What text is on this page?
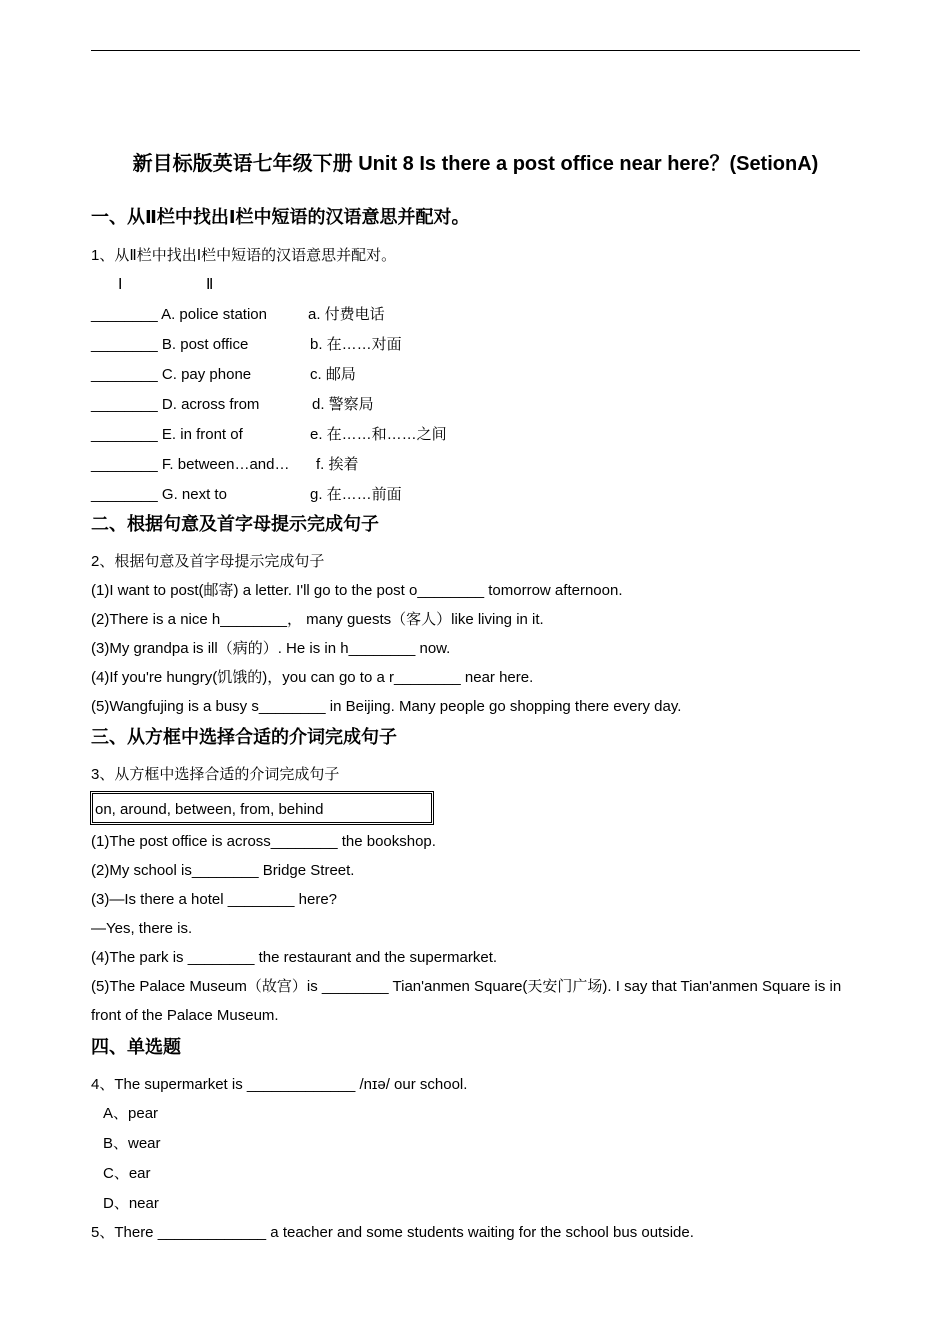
新目标版英语七年级下册 Unit 8 Is there a post office near here？(SetionA)
一、从Ⅱ栏中找出Ⅰ栏中短语的汉语意思并配对。
1、从Ⅱ栏中找出Ⅰ栏中短语的汉语意思并配对。
Ⅰ	Ⅱ
________ A. police station	a. 付费电话
________ B. post office	b. 在……对面
________ C. pay phone	c. 邮局
________ D. across from	d. 警察局
________ E. in front of	e. 在……和……之间
________ F. between…and… f. 挨着
________ G. next to	g. 在……前面
二、根据句意及首字母提示完成句子
2、根据句意及首字母提示完成句子
(1)I want to post(邮寄) a letter. I'll go to the post o________ tomorrow afternoon.
(2)There is a nice h________， many guests（客人）like living in it.
(3)My grandpa is ill（病的）. He is in h________ now.
(4)If you're hungry(饥饿的)，you can go to a r________ near here.
(5)Wangfujing is a busy s________ in Beijing. Many people go shopping there every day.
三、从方框中选择合适的介词完成句子
3、从方框中选择合适的介词完成句子
on, around, between, from, behind
(1)The post office is across________ the bookshop.
(2)My school is________ Bridge Street.
(3)—Is there a hotel ________ here?
—Yes, there is.
(4)The park is ________ the restaurant and the supermarket.
(5)The Palace Museum（故宫）is ________ Tian'anmen Square(天安门广场). I say that Tian'anmen Square is in front of the Palace Museum.
四、单选题
4、The supermarket is _____________ /nɪə/ our school.
A、pear
B、wear
C、ear
D、near
5、There _____________ a teacher and some students waiting for the school bus outside.
